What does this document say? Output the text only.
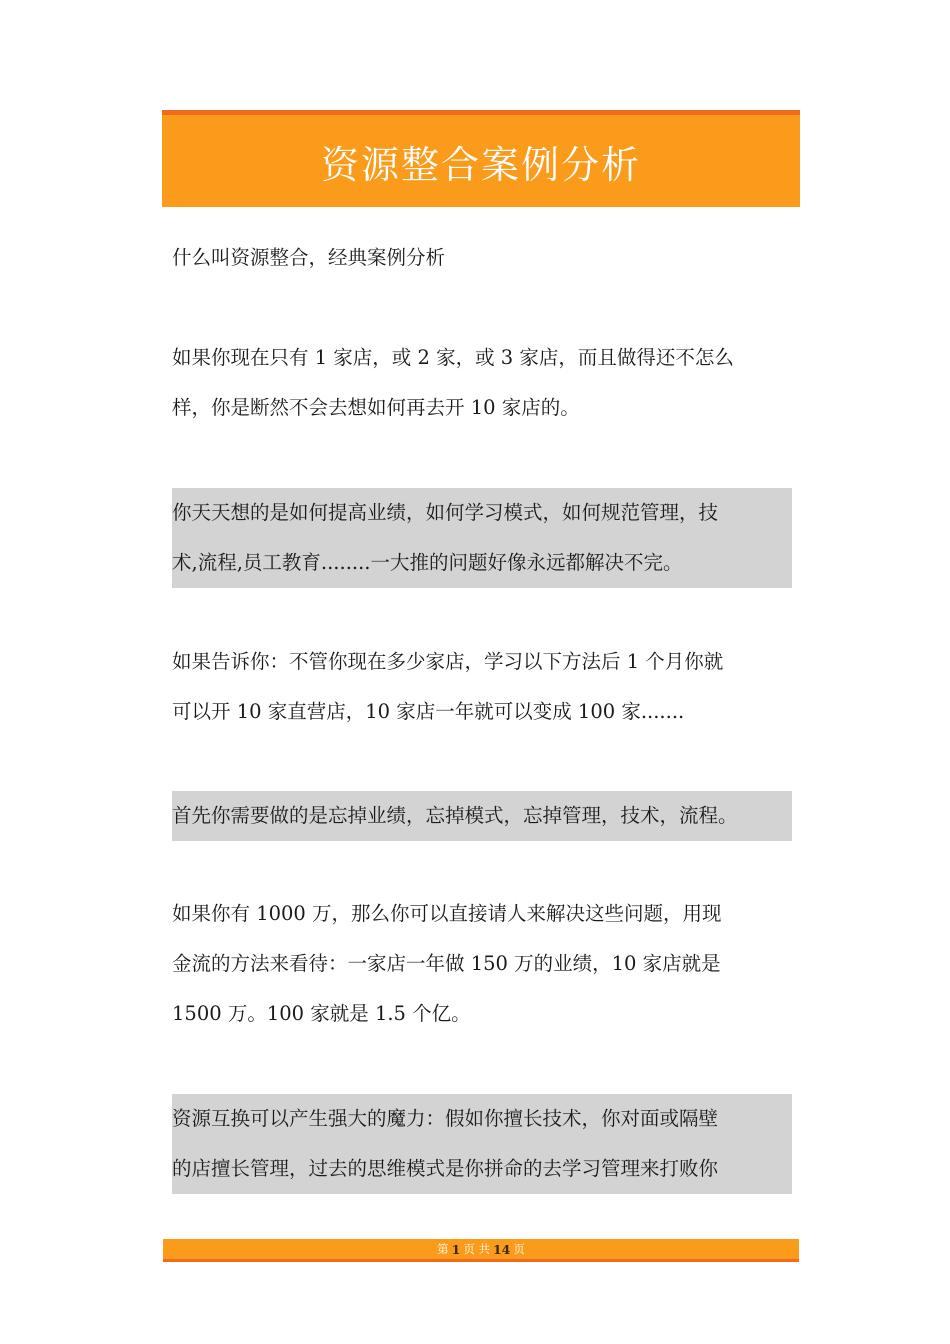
资源整合案例分析
什么叫资源整合，经典案例分析
如果你现在只有 1 家店，或 2 家，或 3 家店，而且做得还不怎么
样，你是断然不会去想如何再去开 10 家店的。
你天天想的是如何提高业绩，如何学习模式，如何规范管理，技
术,流程,员工教育........一大推的问题好像永远都解决不完。
如果告诉你：不管你现在多少家店，学习以下方法后 1 个月你就
可以开 10 家直营店，10 家店一年就可以变成 100 家.......
首先你需要做的是忘掉业绩，忘掉模式，忘掉管理，技术，流程。
如果你有 1000 万，那么你可以直接请人来解决这些问题，用现
金流的方法来看待：一家店一年做 150 万的业绩，10 家店就是
1500 万。100 家就是 1.5 个亿。
资源互换可以产生强大的魔力：假如你擅长技术，你对面或隔壁
的店擅长管理，过去的思维模式是你拼命的去学习管理来打败你
第 1 页 共 14 页
